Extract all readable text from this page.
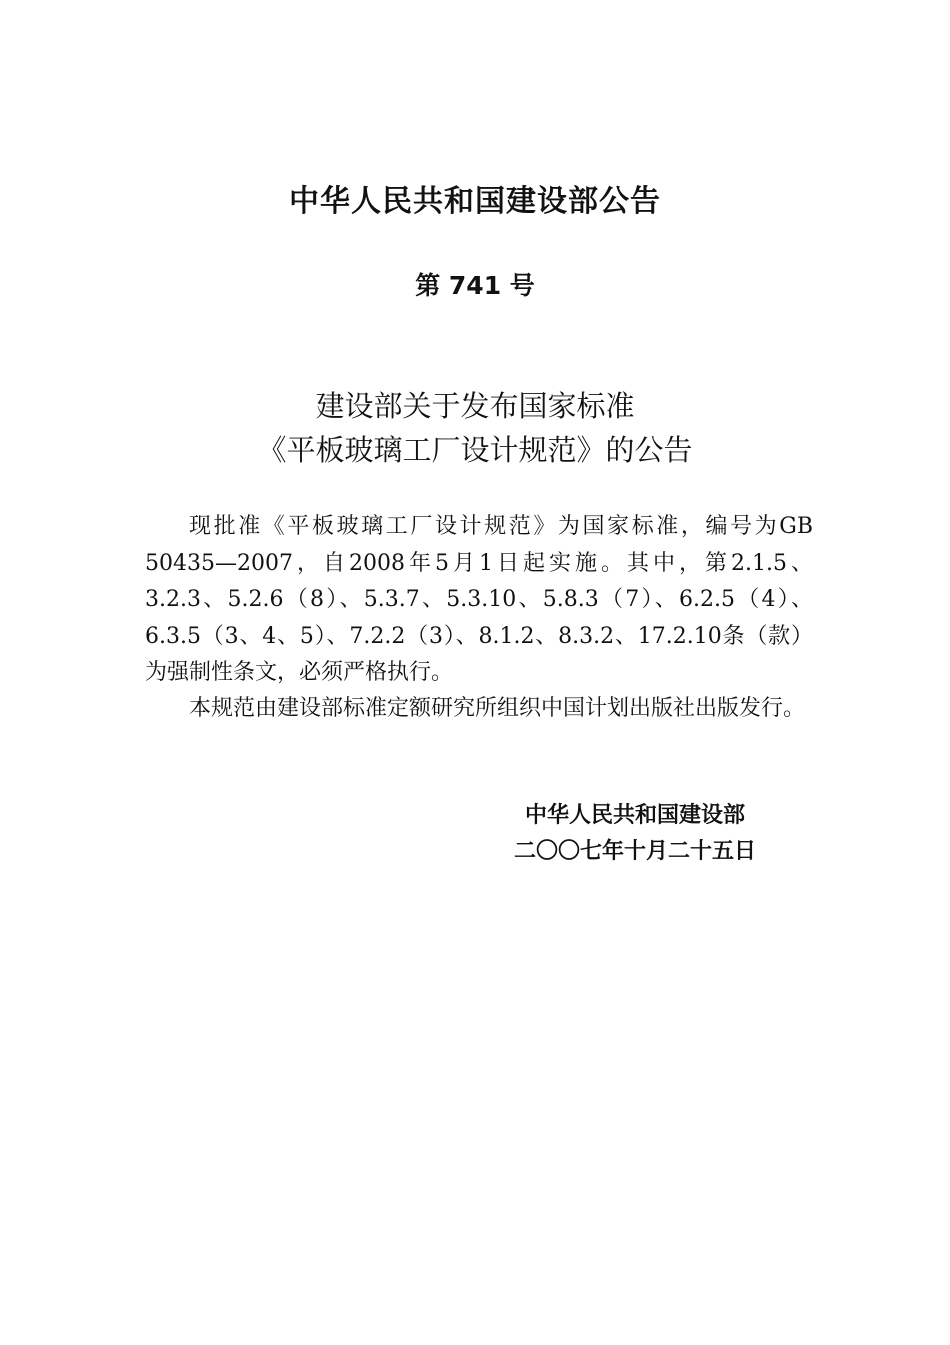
中华人民共和国建设部公告
第 741 号
建设部关于发布国家标准
《平板玻璃工厂设计规范》的公告

现批准《平板玻璃工厂设计规范》为国家标准，编号为GB 50435—2007，自2008年5月1日起实施。其中，第2.1.5、3.2.3、5.2.6（8）、5.3.7、5.3.10、5.8.3（7）、6.2.5（4）、6.3.5（3、4、5）、7.2.2（3）、8.1.2、8.3.2、17.2.10条（款）为强制性条文，必须严格执行。

本规范由建设部标准定额研究所组织中国计划出版社出版发行。

中华人民共和国建设部
二〇〇七年十月二十五日
